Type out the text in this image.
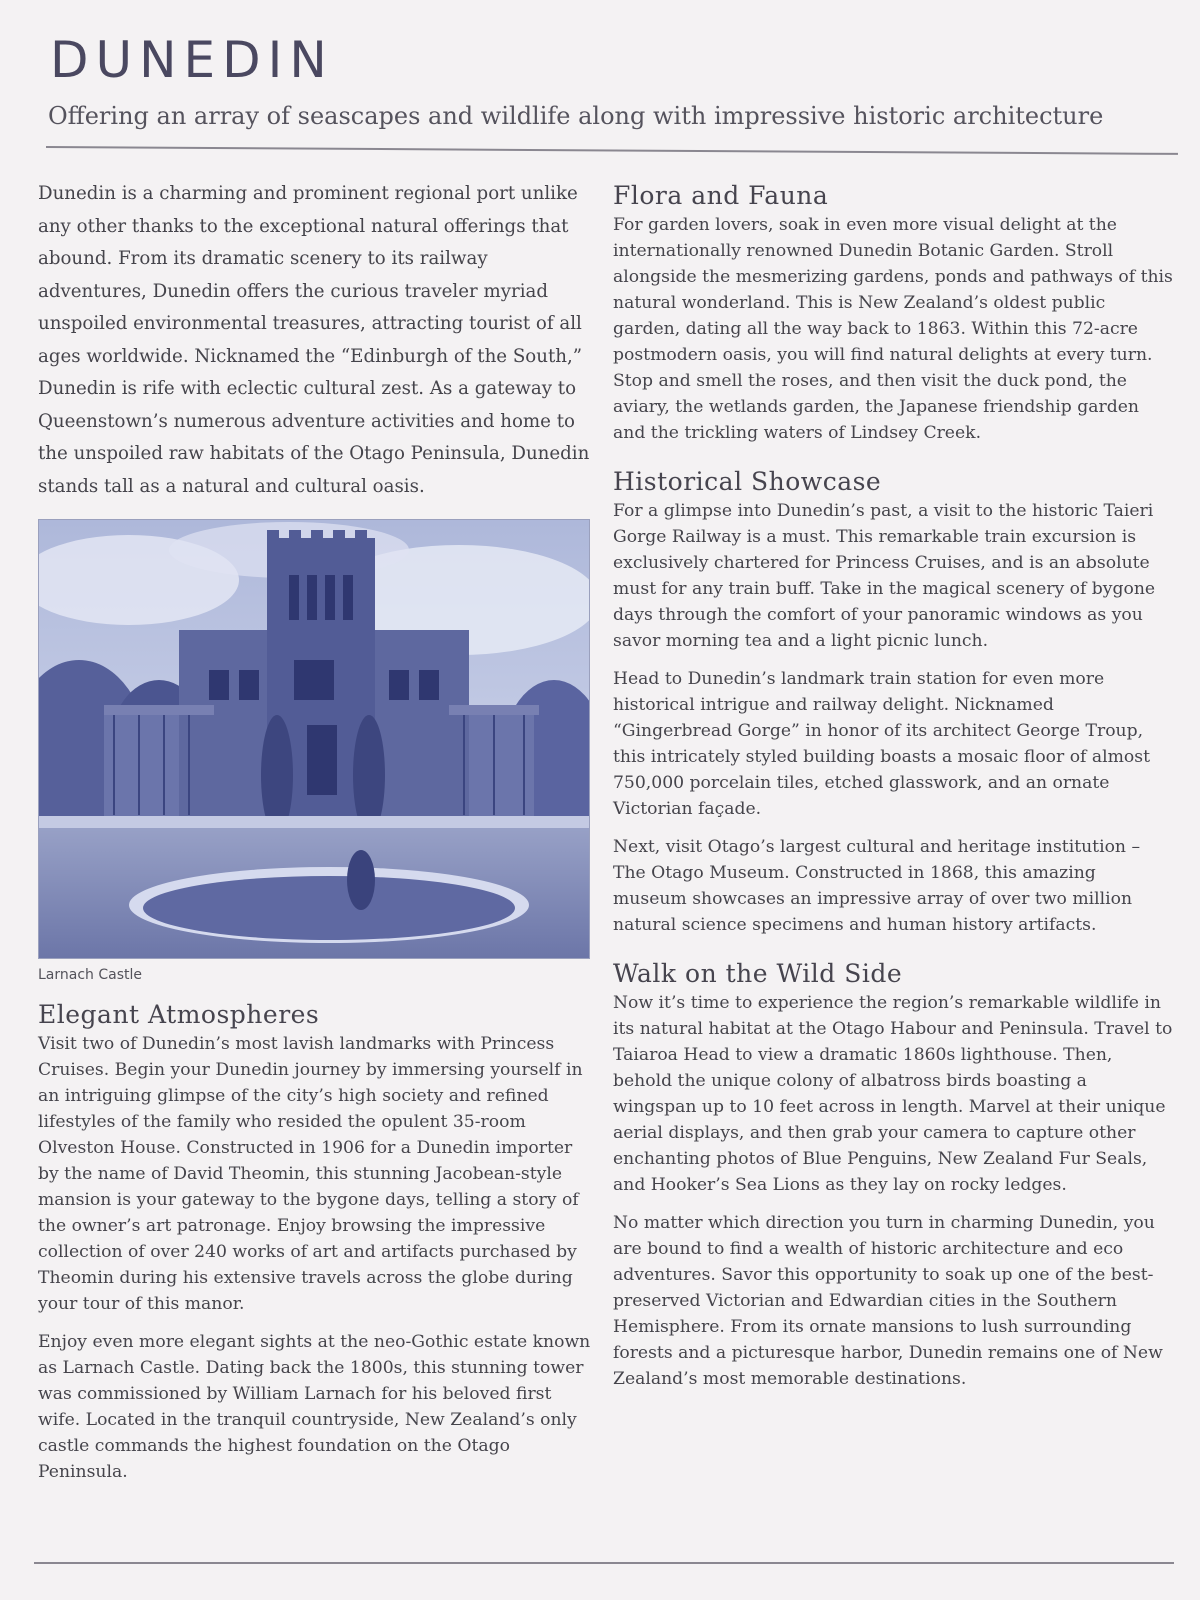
DUNEDIN
Offering an array of seascapes and wildlife along with impressive historic architecture

Dunedin is a charming and prominent regional port unlike any other thanks to the exceptional natural offerings that abound. From its dramatic scenery to its railway adventures, Dunedin offers the curious traveler myriad unspoiled environmental treasures, attracting tourist of all ages worldwide. Nicknamed the “Edinburgh of the South,” Dunedin is rife with eclectic cultural zest. As a gateway to Queenstown’s numerous adventure activities and home to the unspoiled raw habitats of the Otago Peninsula, Dunedin stands tall as a natural and cultural oasis.

Larnach Castle
Elegant Atmospheres

Visit two of Dunedin’s most lavish landmarks with Princess Cruises. Begin your Dunedin journey by immersing yourself in an intriguing glimpse of the city’s high society and refined lifestyles of the family who resided the opulent 35-room Olveston House. Constructed in 1906 for a Dunedin importer by the name of David Theomin, this stunning Jacobean-style mansion is your gateway to the bygone days, telling a story of the owner’s art patronage. Enjoy browsing the impressive collection of over 240 works of art and artifacts purchased by Theomin during his extensive travels across the globe during your tour of this manor.

Enjoy even more elegant sights at the neo-Gothic estate known as Larnach Castle. Dating back the 1800s, this stunning tower was commissioned by William Larnach for his beloved first wife. Located in the tranquil countryside, New Zealand’s only castle commands the highest foundation on the Otago Peninsula.

Flora and Fauna

For garden lovers, soak in even more visual delight at the internationally renowned Dunedin Botanic Garden. Stroll alongside the mesmerizing gardens, ponds and pathways of this natural wonderland. This is New Zealand’s oldest public garden, dating all the way back to 1863. Within this 72-acre postmodern oasis, you will find natural delights at every turn. Stop and smell the roses, and then visit the duck pond, the aviary, the wetlands garden, the Japanese friendship garden and the trickling waters of Lindsey Creek.

Historical Showcase

For a glimpse into Dunedin’s past, a visit to the historic Taieri Gorge Railway is a must. This remarkable train excursion is exclusively chartered for Princess Cruises, and is an absolute must for any train buff. Take in the magical scenery of bygone days through the comfort of your panoramic windows as you savor morning tea and a light picnic lunch.

Head to Dunedin’s landmark train station for even more historical intrigue and railway delight. Nicknamed “Gingerbread Gorge” in honor of its architect George Troup, this intricately styled building boasts a mosaic floor of almost 750,000 porcelain tiles, etched glasswork, and an ornate Victorian façade.

Next, visit Otago’s largest cultural and heritage institution – The Otago Museum. Constructed in 1868, this amazing museum showcases an impressive array of over two million natural science specimens and human history artifacts.

Walk on the Wild Side

Now it’s time to experience the region’s remarkable wildlife in its natural habitat at the Otago Habour and Peninsula. Travel to Taiaroa Head to view a dramatic 1860s lighthouse. Then, behold the unique colony of albatross birds boasting a wingspan up to 10 feet across in length. Marvel at their unique aerial displays, and then grab your camera to capture other enchanting photos of Blue Penguins, New Zealand Fur Seals, and Hooker’s Sea Lions as they lay on rocky ledges.

No matter which direction you turn in charming Dunedin, you are bound to find a wealth of historic architecture and eco adventures. Savor this opportunity to soak up one of the best-preserved Victorian and Edwardian cities in the Southern Hemisphere. From its ornate mansions to lush surrounding forests and a picturesque harbor, Dunedin remains one of New Zealand’s most memorable destinations.
